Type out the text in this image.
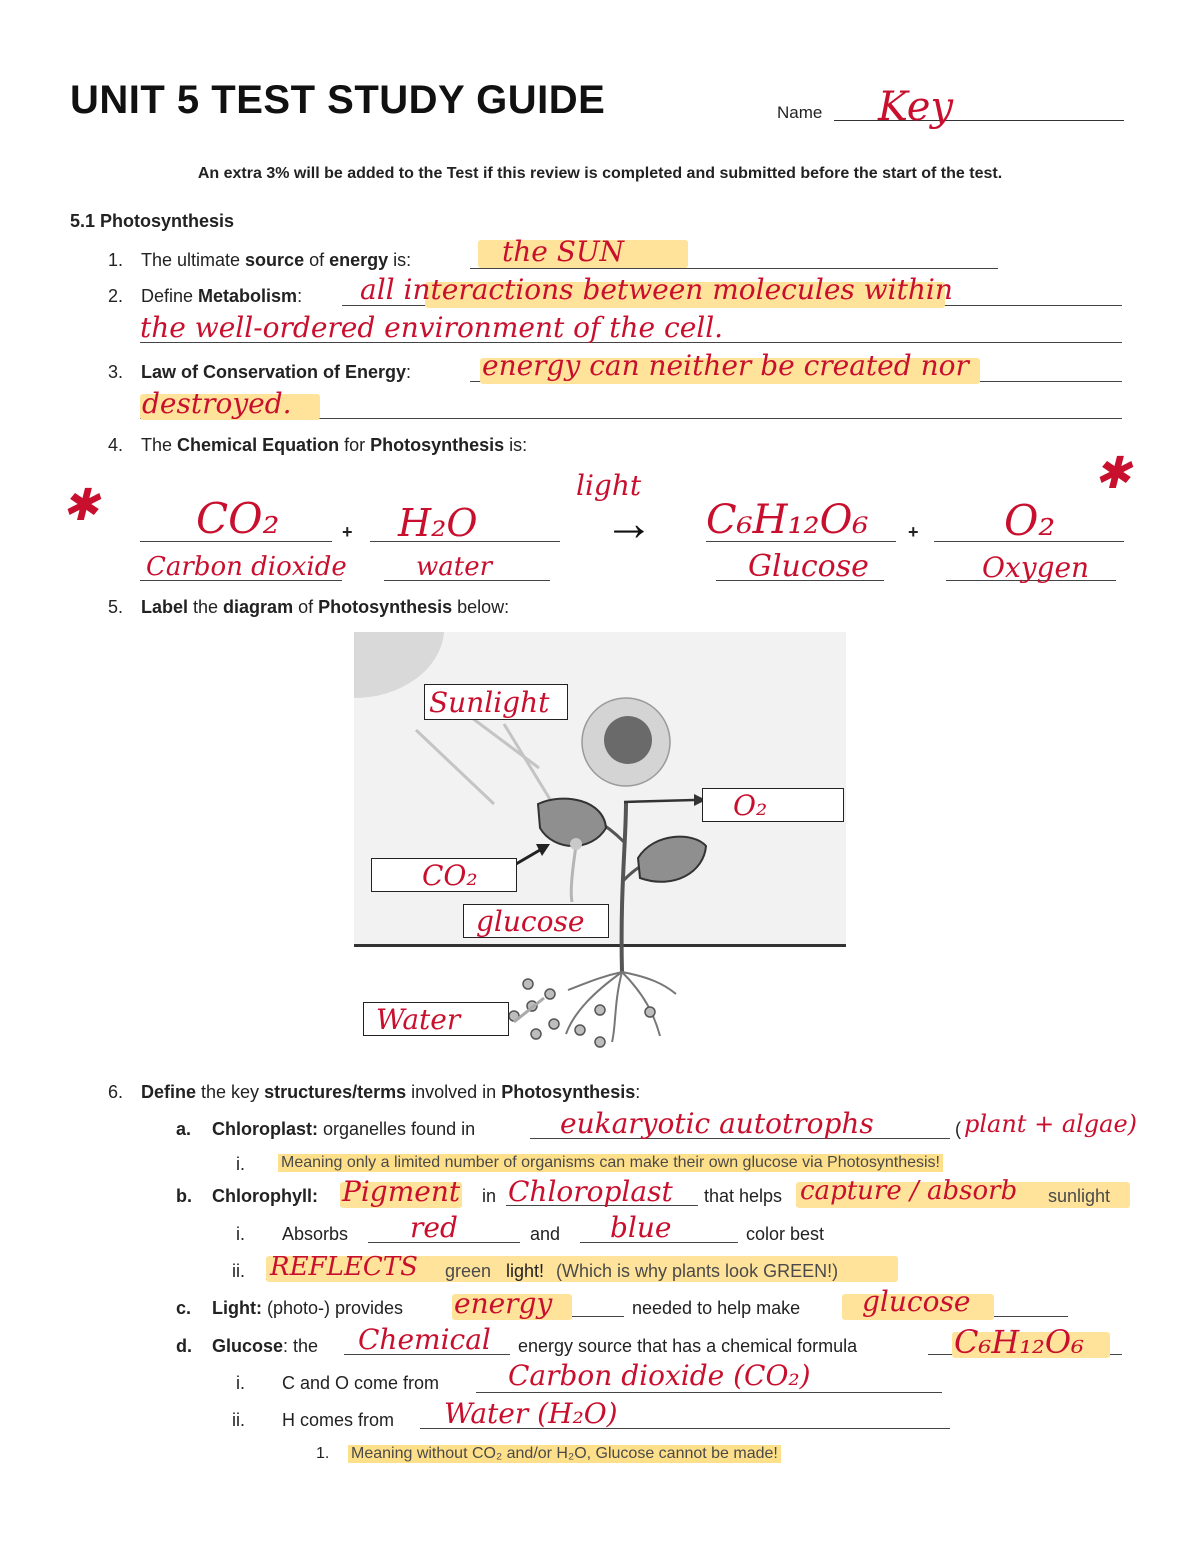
UNIT 5 TEST STUDY GUIDE	Name Key
An extra 3% will be added to the Test if this review is completed and submitted before the start of the test.
5.1 Photosynthesis
1. The ultimate source of energy is:	the SUN
2. Define Metabolism: all interactions between molecules within
the well-ordered environment of the cell.
3. Law of Conservation of Energy:	energy can neither be created nor
destroyed.
4. The Chemical Equation for Photosynthesis is:
✱
✱
CO₂	+ H₂O
light
→ C₆H₁₂O₆ + O₂
Carbon dioxide	water	Glucose	Oxygen
5. Label the diagram of Photosynthesis below:
Sunlight
O₂
CO₂
glucose
Water
6. Define the key structures/terms involved in Photosynthesis:
a. Chloroplast: organelles found in	eukaryotic autotrophs	( plant + algae)
i. Meaning only a limited number of organisms can make their own glucose via Photosynthesis!
b. Chlorophyll: Pigment in Chloroplast that helps capture / absorb sunlight
i. Absorbs red	and blue	color best
ii. REFLECTS green light! (Which is why plants look GREEN!)
c. Light: (photo-) provides energy	needed to help make glucose
d. Glucose: the Chemical energy source that has a chemical formula	C₆H₁₂O₆
i. C and O come from Carbon dioxide (CO₂)
ii. H comes from Water (H₂O)
1. Meaning without CO₂ and/or H₂O, Glucose cannot be made!
